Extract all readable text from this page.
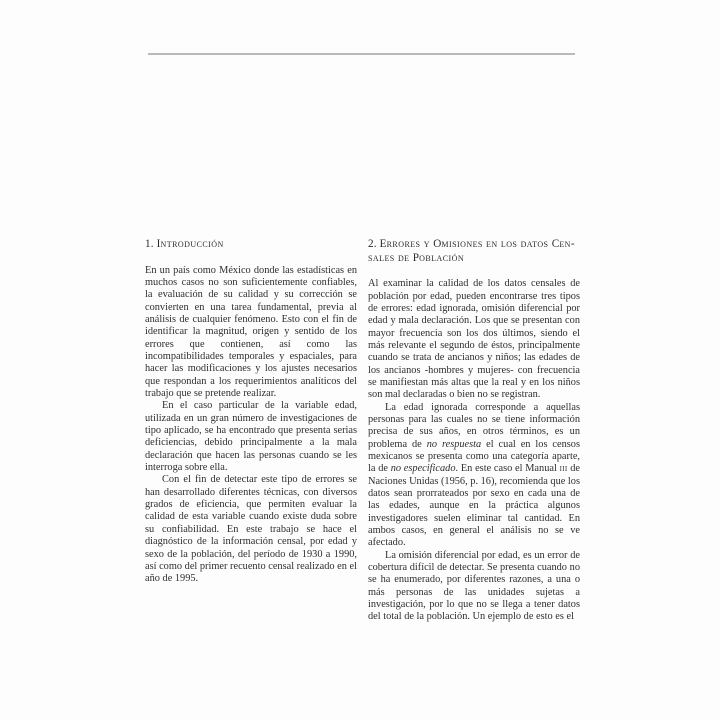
1. Introducción
En un país como México donde las estadísticas en muchos casos no son suficientemente confiables, la evaluación de su calidad y su corrección se convierten en una tarea fundamental, previa al análisis de cualquier fenómeno. Esto con el fin de identificar la magnitud, origen y sentido de los errores que contienen, así como las incompatibilidades temporales y espaciales, para hacer las modificaciones y los ajustes necesarios que respondan a los requerimientos analíticos del trabajo que se pretende realizar.
En el caso particular de la variable edad, utilizada en un gran número de investigaciones de tipo aplicado, se ha encontrado que presenta serias deficiencias, debido principalmente a la mala declaración que hacen las personas cuando se les interroga sobre ella.
Con el fin de detectar este tipo de errores se han desarrollado diferentes técnicas, con diversos grados de eficiencia, que permiten evaluar la calidad de esta variable cuando existe duda sobre su confiabilidad. En este trabajo se hace el diagnóstico de la información censal, por edad y sexo de la población, del período de 1930 a 1990, así como del primer recuento censal realizado en el año de 1995.
2. Errores y Omisiones en los datos Cen-sales de Población
Al examinar la calidad de los datos censales de población por edad, pueden encontrarse tres tipos de errores: edad ignorada, omisión diferencial por edad y mala declaración. Los que se presentan con mayor frecuencia son los dos últimos, siendo el más relevante el segundo de éstos, principalmente cuando se trata de ancianos y niños; las edades de los ancianos -hombres y mujeres- con frecuencia se manifiestan más altas que la real y en los niños son mal declaradas o bien no se registran.
La edad ignorada corresponde a aquellas personas para las cuales no se tiene información precisa de sus años, en otros términos, es un problema de no respuesta el cual en los censos mexicanos se presenta como una categoría aparte, la de no especificado. En este caso el Manual iii de Naciones Unidas (1956, p. 16), recomienda que los datos sean prorrateados por sexo en cada una de las edades, aunque en la práctica algunos investigadores suelen eliminar tal cantidad. En ambos casos, en general el análisis no se ve afectado.
La omisión diferencial por edad, es un error de cobertura difícil de detectar. Se presenta cuando no se ha enumerado, por diferentes razones, a una o más personas de las unidades sujetas a investigación, por lo que no se llega a tener datos del total de la población. Un ejemplo de esto es el
